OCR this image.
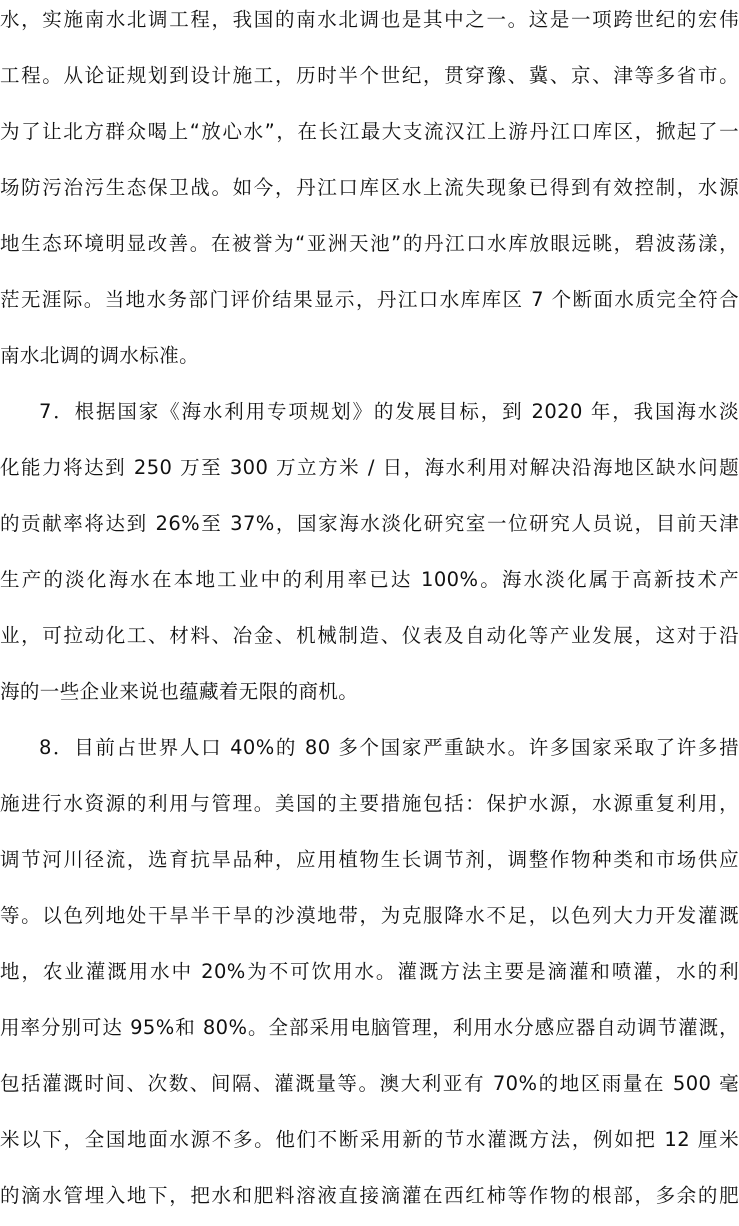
水，实施南水北调工程，我国的南水北调也是其中之一。这是一项跨世纪的宏伟
工程。从论证规划到设计施工，历时半个世纪，贯穿豫、冀、京、津等多省市。
为了让北方群众喝上“放心水”，在长江最大支流汉江上游丹江口库区，掀起了一
场防污治污生态保卫战。如今，丹江口库区水上流失现象已得到有效控制，水源
地生态环境明显改善。在被誉为“亚洲天池”的丹江口水库放眼远眺，碧波荡漾，
茫无涯际。当地水务部门评价结果显示，丹江口水库库区 7 个断面水质完全符合
南水北调的调水标准。
7．根据国家《海水利用专项规划》的发展目标，到 2020 年，我国海水淡
化能力将达到 250 万至 300 万立方米 / 日，海水利用对解决沿海地区缺水问题
的贡献率将达到 26%至 37%，国家海水淡化研究室一位研究人员说，目前天津
生产的淡化海水在本地工业中的利用率已达 100%。海水淡化属于高新技术产
业，可拉动化工、材料、冶金、机械制造、仪表及自动化等产业发展，这对于沿
海的一些企业来说也蕴藏着无限的商机。
8．目前占世界人口 40%的 80 多个国家严重缺水。许多国家采取了许多措
施进行水资源的利用与管理。美国的主要措施包括：保护水源，水源重复利用，
调节河川径流，选育抗旱品种，应用植物生长调节剂，调整作物种类和市场供应
等。以色列地处干旱半干旱的沙漠地带，为克服降水不足，以色列大力开发灌溉
地，农业灌溉用水中 20%为不可饮用水。灌溉方法主要是滴灌和喷灌，水的利
用率分别可达 95%和 80%。全部采用电脑管理，利用水分感应器自动调节灌溉，
包括灌溉时间、次数、间隔、灌溉量等。澳大利亚有 70%的地区雨量在 500 毫
米以下，全国地面水源不多。他们不断采用新的节水灌溉方法，例如把 12 厘米
的滴水管埋入地下，把水和肥料溶液直接滴灌在西红柿等作物的根部，多余的肥
